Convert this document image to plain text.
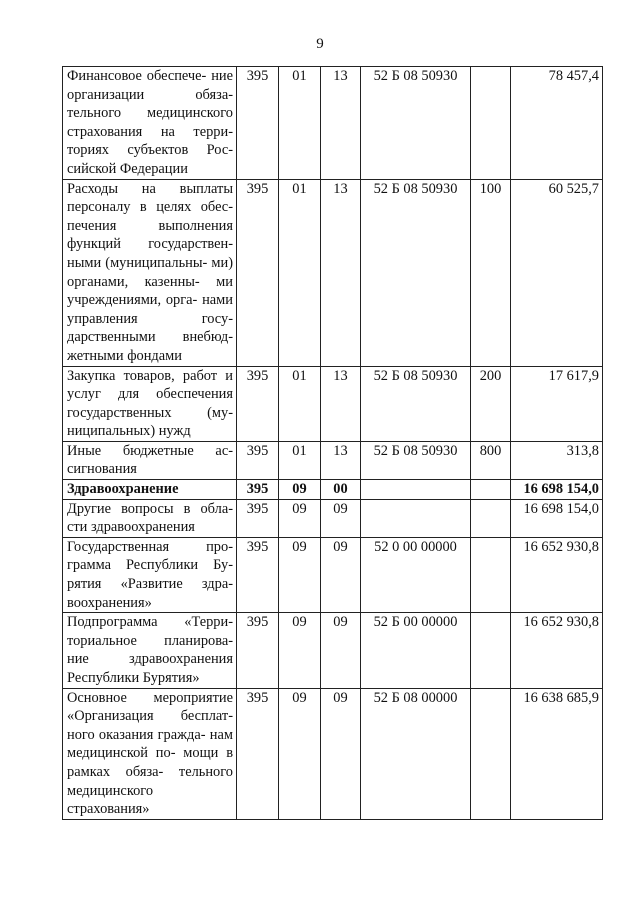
9
Финансовое обеспече- ние организации обяза- тельного медицинского страхования на терри- ториях субъектов Рос- сийской Федерации	395	01	13	52 Б 08 50930		78 457,4
Расходы на выплаты персоналу в целях обес- печения выполнения функций государствен- ными (муниципальны- ми) органами, казенны- ми учреждениями, орга- нами управления госу- дарственными внебюд- жетными фондами	395	01	13	52 Б 08 50930	100	60 525,7
Закупка товаров, работ и услуг для обеспечения государственных (му- ниципальных) нужд	395	01	13	52 Б 08 50930	200	17 617,9
Иные бюджетные ас- сигнования	395	01	13	52 Б 08 50930	800	313,8
Здравоохранение	395	09	00			16 698 154,0
Другие вопросы в обла- сти здравоохранения	395	09	09			16 698 154,0
Государственная про- грамма Республики Бу- рятия «Развитие здра- воохранения»	395	09	09	52 0 00 00000		16 652 930,8
Подпрограмма «Терри- ториальное планирова- ние здравоохранения Республики Бурятия»	395	09	09	52 Б 00 00000		16 652 930,8
Основное мероприятие «Организация бесплат- ного оказания гражда- нам медицинской по- мощи в рамках обяза- тельного медицинского страхования»	395	09	09	52 Б 08 00000		16 638 685,9
